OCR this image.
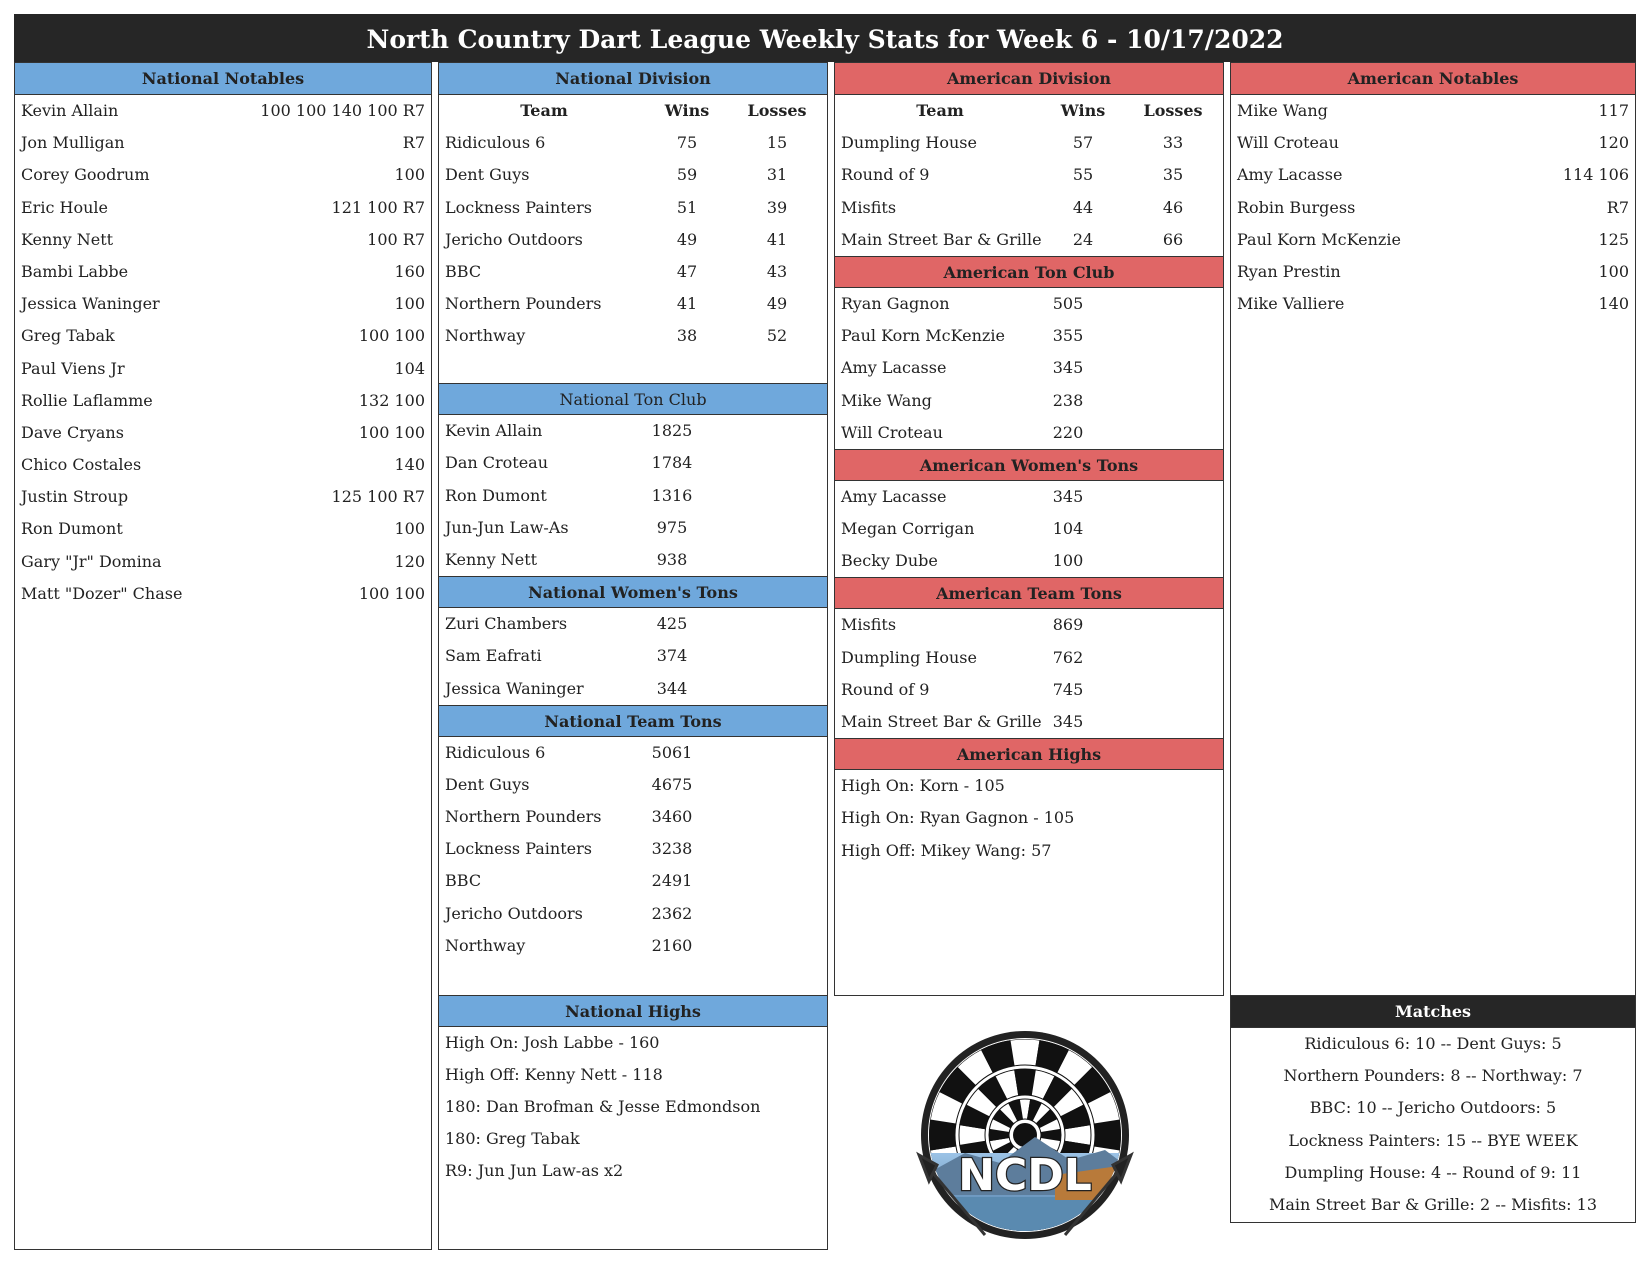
North Country Dart League Weekly Stats for Week 6 - 10/17/2022
National Notables
Kevin Allain	100 100 140 100 R7
Jon Mulligan	R7
Corey Goodrum	100
Eric Houle	121 100 R7
Kenny Nett	100 R7
Bambi Labbe	160
Jessica Waninger	100
Greg Tabak	100 100
Paul Viens Jr	104
Rollie Laflamme	132 100
Dave Cryans	100 100
Chico Costales	140
Justin Stroup	125 100 R7
Ron Dumont	100
Gary "Jr" Domina	120
Matt "Dozer" Chase	100 100
National Division
Team	Wins	Losses
Ridiculous 6	75	15
Dent Guys	59	31
Lockness Painters	51	39
Jericho Outdoors	49	41
BBC	47	43
Northern Pounders	41	49
Northway	38	52
National Ton Club
Kevin Allain	1825
Dan Croteau	1784
Ron Dumont	1316
Jun-Jun Law-As	975
Kenny Nett	938
National Women's Tons
Zuri Chambers	425
Sam Eafrati	374
Jessica Waninger	344
National Team Tons
Ridiculous 6	5061
Dent Guys	4675
Northern Pounders	3460
Lockness Painters	3238
BBC	2491
Jericho Outdoors	2362
Northway	2160
National Highs
High On: Josh Labbe - 160
High Off: Kenny Nett - 118
180: Dan Brofman & Jesse Edmondson
180: Greg Tabak
R9: Jun Jun Law-as x2
American Division
Team	Wins	Losses
Dumpling House	57	33
Round of 9	55	35
Misfits	44	46
Main Street Bar & Grille	24	66
American Ton Club
Ryan Gagnon	505
Paul Korn McKenzie	355
Amy Lacasse	345
Mike Wang	238
Will Croteau	220
American Women's Tons
Amy Lacasse	345
Megan Corrigan	104
Becky Dube	100
American Team Tons
Misfits	869
Dumpling House	762
Round of 9	745
Main Street Bar & Grille 345
American Highs
High On: Korn - 105
High On: Ryan Gagnon - 105
High Off: Mikey Wang: 57
NCDL
American Notables
Mike Wang	117
Will Croteau	120
Amy Lacasse	114 106
Robin Burgess	R7
Paul Korn McKenzie	125
Ryan Prestin	100
Mike Valliere	140
Matches
Ridiculous 6: 10 -- Dent Guys: 5
Northern Pounders: 8 -- Northway: 7
BBC: 10 -- Jericho Outdoors: 5
Lockness Painters: 15 -- BYE WEEK
Dumpling House: 4 -- Round of 9: 11
Main Street Bar & Grille: 2 -- Misfits: 13
